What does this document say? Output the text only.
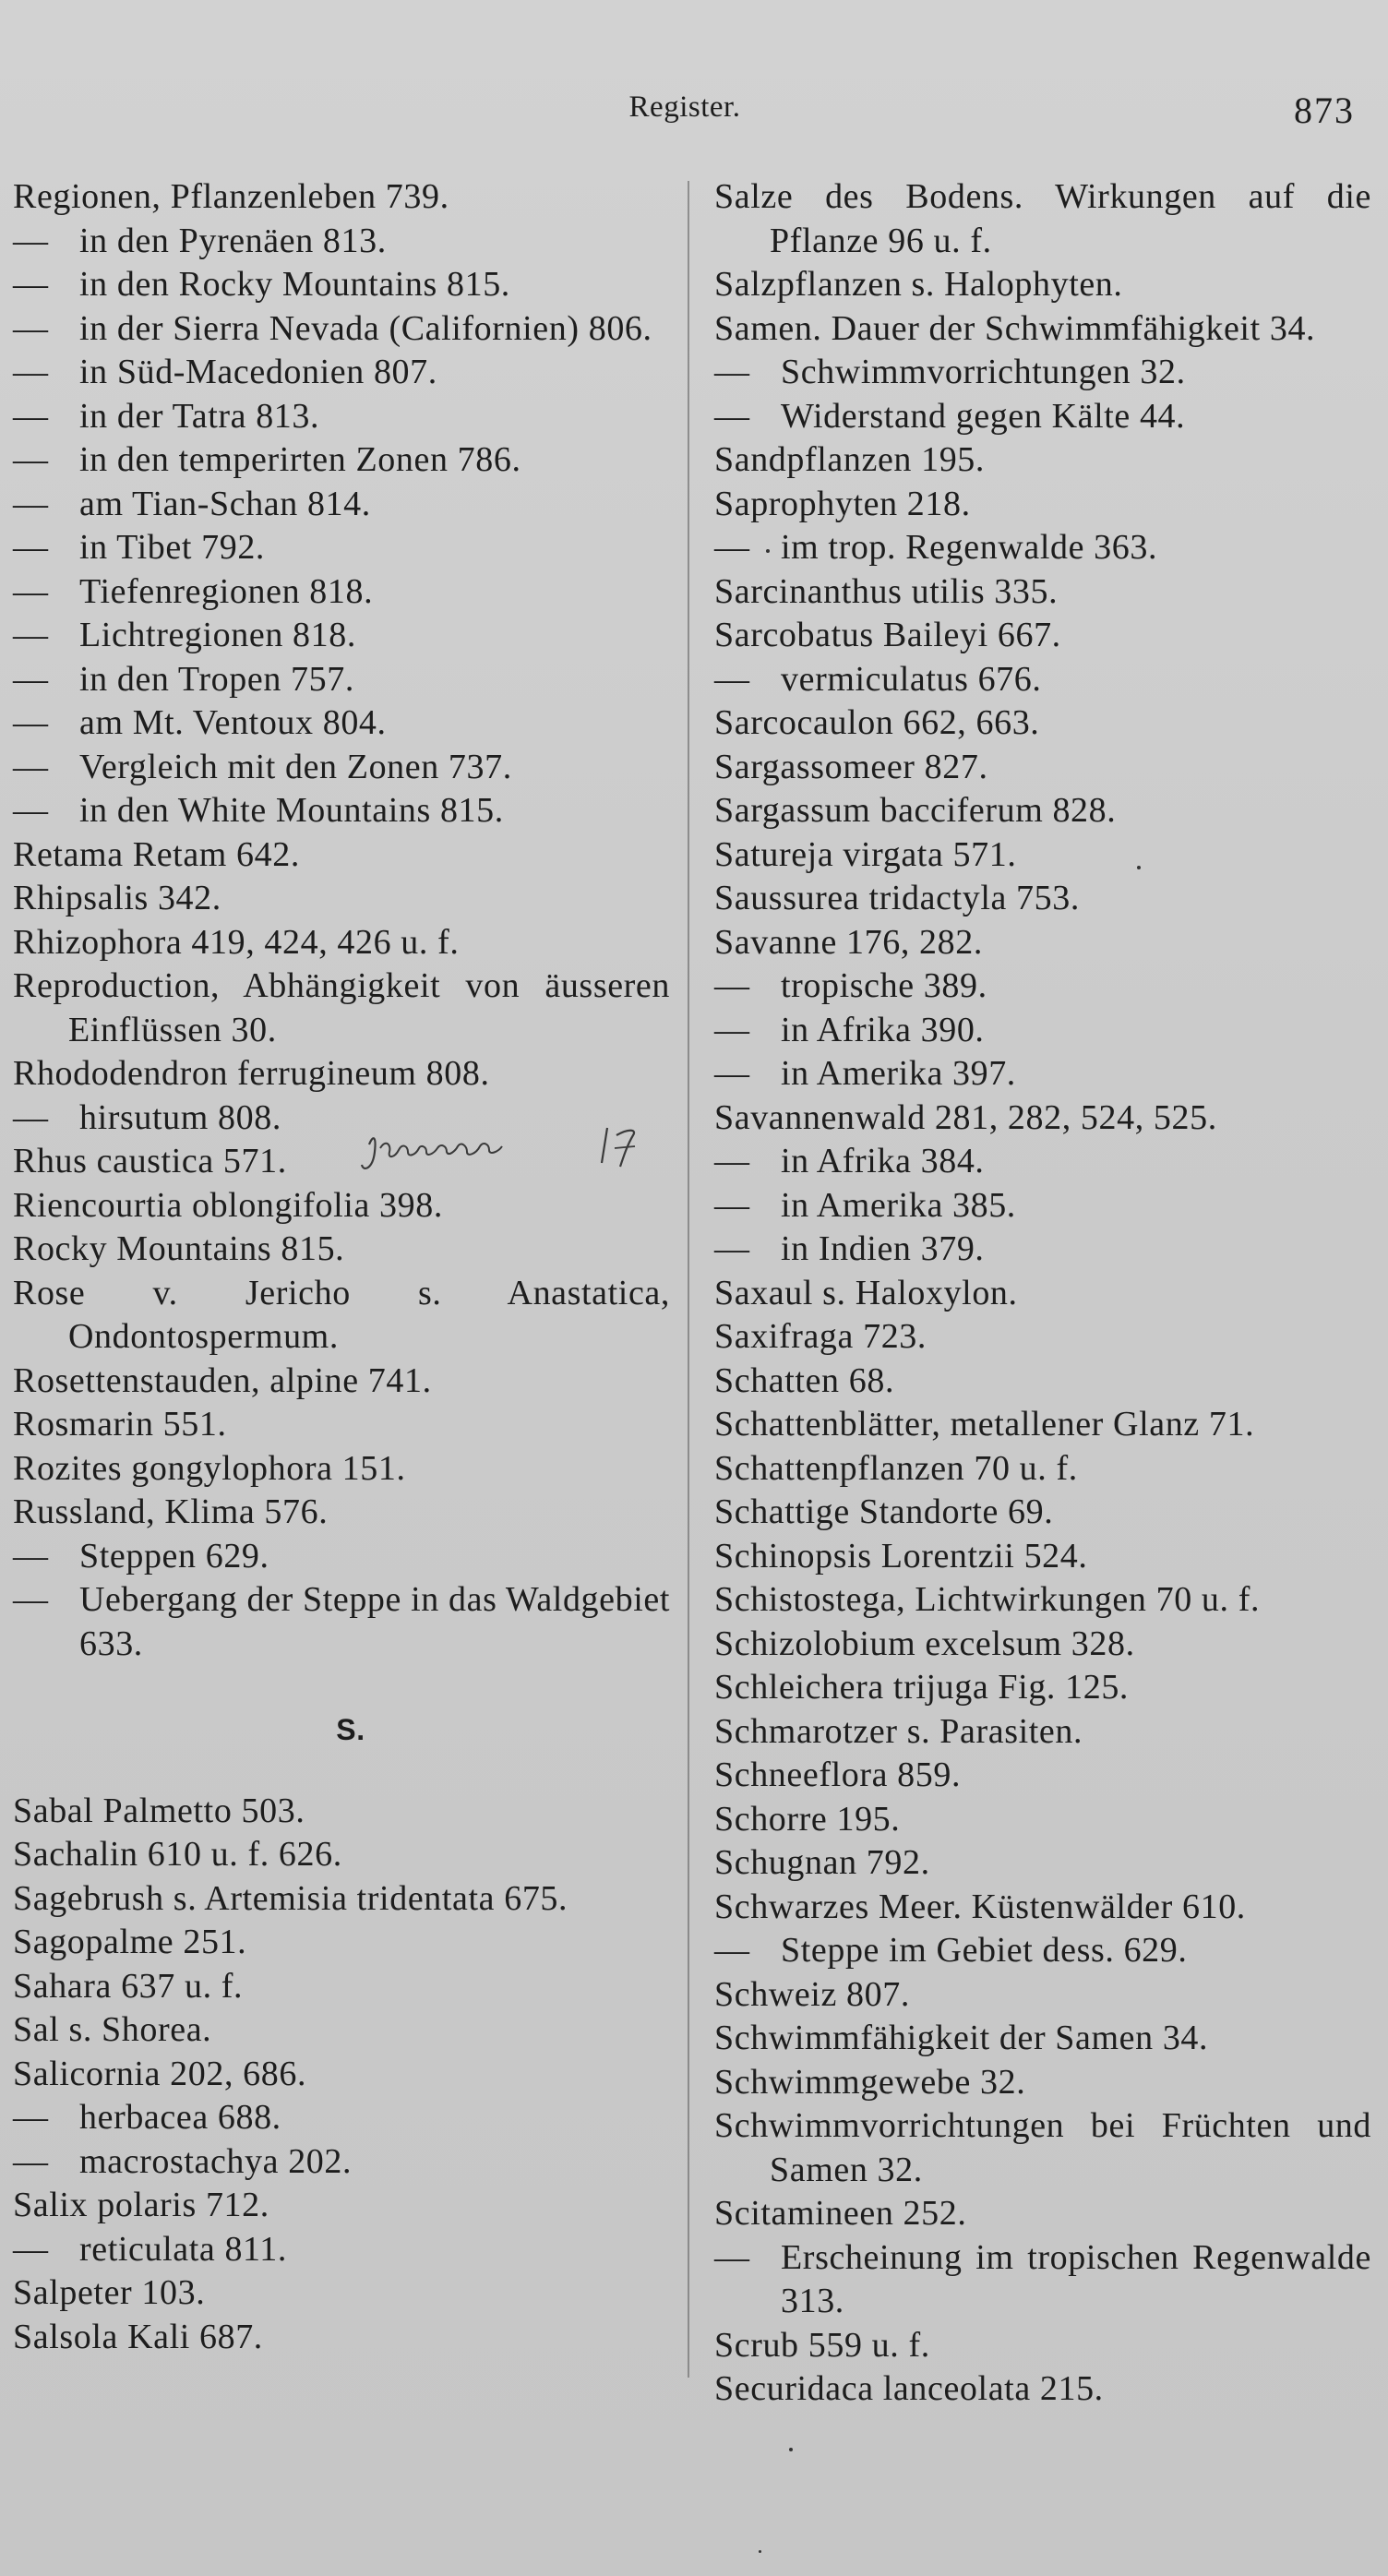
Register.	873

Regionen, Pflanzenleben 739.

— in den Pyrenäen 813.

— in den Rocky Mountains 815.

— in der Sierra Nevada (Californien) 806.

— in Süd-Macedonien 807.

— in der Tatra 813.

— in den temperirten Zonen 786.

— am Tian-Schan 814.

— in Tibet 792.

— Tiefenregionen 818.

— Lichtregionen 818.

— in den Tropen 757.

— am Mt. Ventoux 804.

— Vergleich mit den Zonen 737.

— in den White Mountains 815.

Retama Retam 642.

Rhipsalis 342.

Rhizophora 419, 424, 426 u. f.

Reproduction, Abhängigkeit von äusseren Einflüssen 30.

Rhododendron ferrugineum 808.

— hirsutum 808.

Rhus caustica 571.

Riencourtia oblongifolia 398.

Rocky Mountains 815.

Rose v. Jericho s. Anastatica, Ondontospermum.

Rosettenstauden, alpine 741.

Rosmarin 551.

Rozites gongylophora 151.

Russland, Klima 576.

— Steppen 629.

— Uebergang der Steppe in das Waldgebiet 633.

S.

Sabal Palmetto 503.

Sachalin 610 u. f. 626.

Sagebrush s. Artemisia tridentata 675.

Sagopalme 251.

Sahara 637 u. f.

Sal s. Shorea.

Salicornia 202, 686.

— herbacea 688.

— macrostachya 202.

Salix polaris 712.

— reticulata 811.

Salpeter 103.

Salsola Kali 687.

Salze des Bodens. Wirkungen auf die Pflanze 96 u. f.

Salzpflanzen s. Halophyten.

Samen. Dauer der Schwimmfähigkeit 34.

— Schwimmvorrichtungen 32.

— Widerstand gegen Kälte 44.

Sandpflanzen 195.

Saprophyten 218.

— im trop. Regenwalde 363.

Sarcinanthus utilis 335.

Sarcobatus Baileyi 667.

— vermiculatus 676.

Sarcocaulon 662, 663.

Sargassomeer 827.

Sargassum bacciferum 828.

Satureja virgata 571.

Saussurea tridactyla 753.

Savanne 176, 282.

— tropische 389.

— in Afrika 390.

— in Amerika 397.

Savannenwald 281, 282, 524, 525.

— in Afrika 384.

— in Amerika 385.

— in Indien 379.

Saxaul s. Haloxylon.

Saxifraga 723.

Schatten 68.

Schattenblätter, metallener Glanz 71.

Schattenpflanzen 70 u. f.

Schattige Standorte 69.

Schinopsis Lorentzii 524.

Schistostega, Lichtwirkungen 70 u. f.

Schizolobium excelsum 328.

Schleichera trijuga Fig. 125.

Schmarotzer s. Parasiten.

Schneeflora 859.

Schorre 195.

Schugnan 792.

Schwarzes Meer. Küstenwälder 610.

— Steppe im Gebiet dess. 629.

Schweiz 807.

Schwimmfähigkeit der Samen 34.

Schwimmgewebe 32.

Schwimmvorrichtungen bei Früchten und Samen 32.

Scitamineen 252.

— Erscheinung im tropischen Regenwalde 313.

Scrub 559 u. f.

Securidaca lanceolata 215.
